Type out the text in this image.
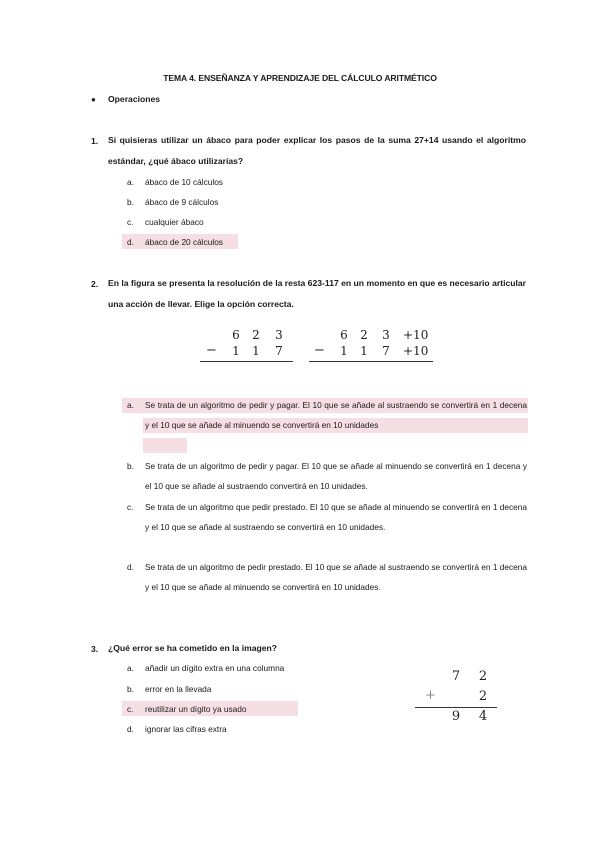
TEMA 4. ENSEÑANZA Y APRENDIZAJE DEL CÁLCULO ARITMÉTICO
● Operaciones
1. Si quisieras utilizar un ábaco para poder explicar los pasos de la suma 27+14 usando el algoritmo estándar, ¿qué ábaco utilizarías?
a. ábaco de 10 cálculos
b. ábaco de 9 cálculos
c. cualquier ábaco
d. ábaco de 20 cálculos
2. En la figura se presenta la resolución de la resta 623-117 en un momento en que es necesario articular una acción de llevar. Elige la opción correcta.
6 2 3
− 1 1 7
6 2 3 +10
− 1 1 7 +10
a. Se trata de un algoritmo de pedir y pagar. El 10 que se añade al sustraendo se convertirá en 1 decena y el 10 que se añade al minuendo se convertirá en 10 unidades
b. Se trata de un algoritmo de pedir y pagar. El 10 que se añade al minuendo se convertirá en 1 decena y el 10 que se añade al sustraendo convertirá en 10 unidades.
c. Se trata de un algoritmo que pedir prestado. El 10 que se añade al minuendo se convertirá en 1 decena y el 10 que se añade al sustraendo se convertirá en 10 unidades.
d. Se trata de un algoritmo de pedir prestado. El 10 que se añade al sustraendo se convertirá en 1 decena y el 10 que se añade al minuendo se convertirá en 10 unidades.
3. ¿Qué error se ha cometido en la imagen?
a. añadir un dígito extra en una columna
b. error en la llevada
c. reutilizar un dígito ya usado
d. ignorar las cifras extra
7 2
+	2
9 4
